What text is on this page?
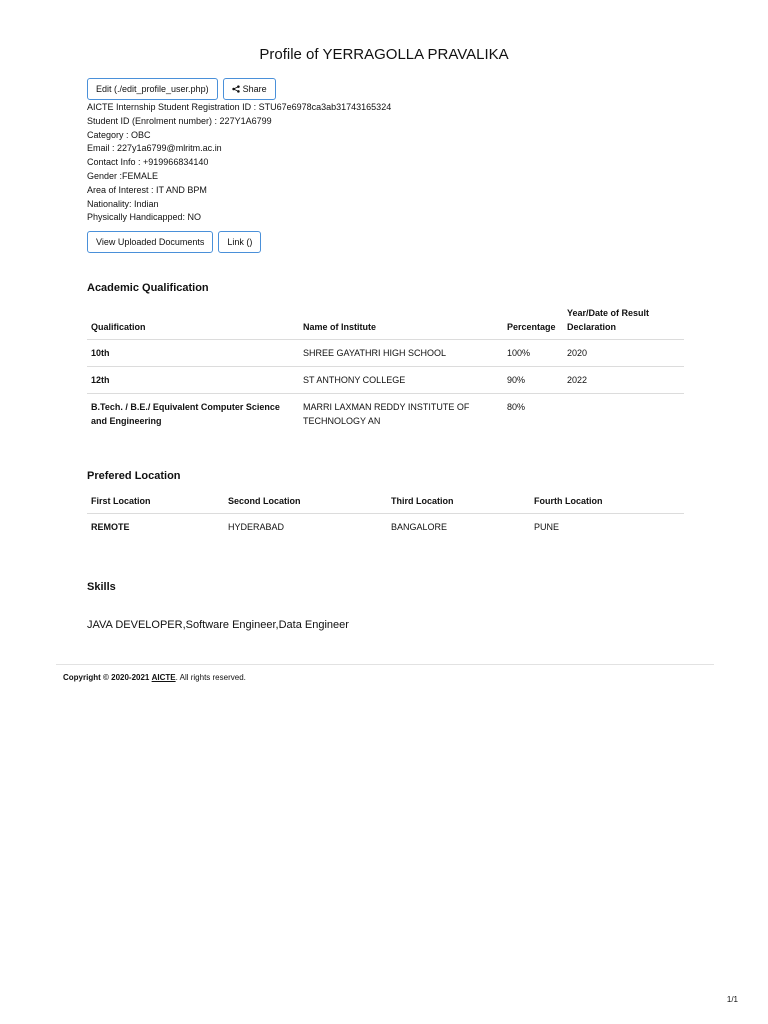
Profile of YERRAGOLLA PRAVALIKA
Edit (./edit_profile_user.php)	Share
AICTE Internship Student Registration ID : STU67e6978ca3ab31743165324
Student ID (Enrolment number) : 227Y1A6799
Category : OBC
Email : 227y1a6799@mlritm.ac.in
Contact Info : +919966834140
Gender :FEMALE
Area of Interest : IT AND BPM
Nationality: Indian
Physically Handicapped: NO
View Uploaded Documents	Link ()
Academic Qualification
Qualification	Name of Institute	Percentage	Year/Date of Result Declaration
10th	SHREE GAYATHRI HIGH SCHOOL	100%	2020
12th	ST ANTHONY COLLEGE	90%	2022
B.Tech. / B.E./ Equivalent Computer Science and Engineering	MARRI LAXMAN REDDY INSTITUTE OF TECHNOLOGY AN	80%	
Prefered Location
First Location	Second Location	Third Location	Fourth Location
REMOTE	HYDERABAD	BANGALORE	PUNE
Skills
JAVA DEVELOPER,Software Engineer,Data Engineer
Copyright © 2020-2021 AICTE. All rights reserved.
1/1
